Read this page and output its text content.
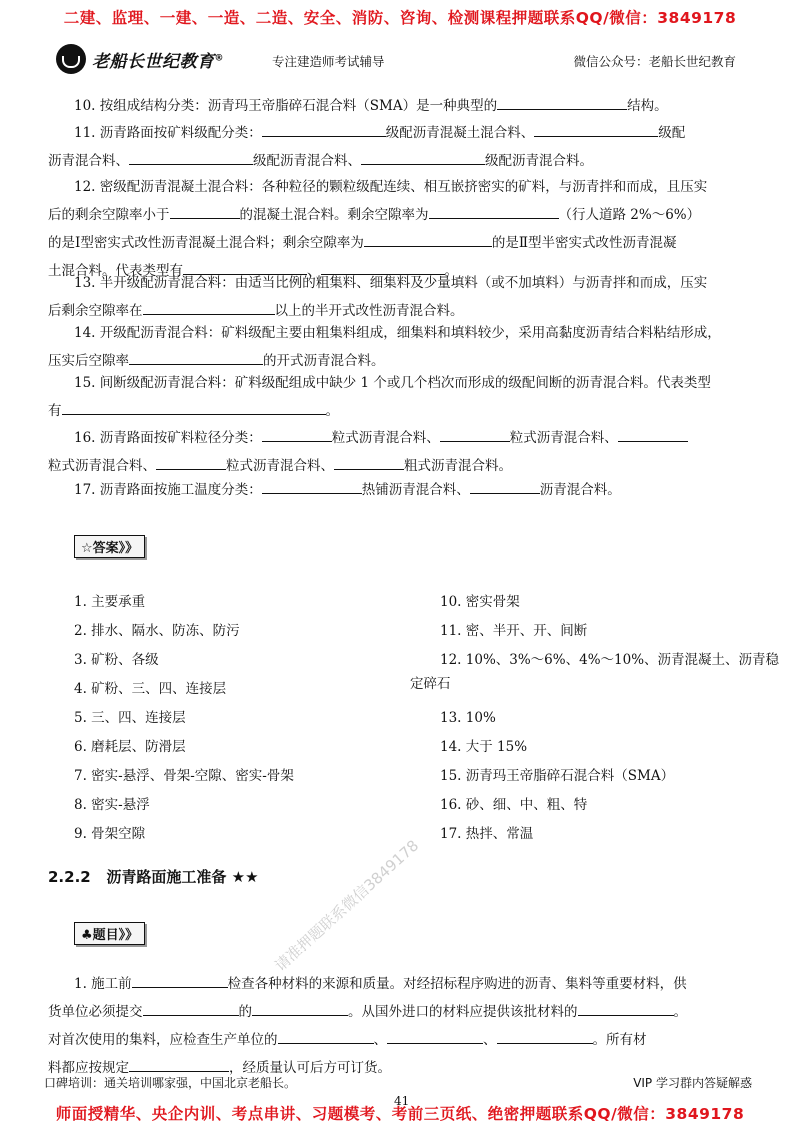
二建、监理、一建、一造、二造、安全、消防、咨询、检测课程押题联系QQ/微信：3849178
老船长世纪教育®	专注建造师考试辅导	微信公众号：老船长世纪教育
10. 按组成结构分类：沥青玛王帝脂碎石混合料（SMA）是一种典型的	结构。
11. 沥青路面按矿料级配分类：	级配沥青混凝土混合料、	级配
沥青混合料、	级配沥青混合料、	级配沥青混合料。
12. 密级配沥青混凝土混合料：各种粒径的颗粒级配连续、相互嵌挤密实的矿料，与沥青拌和而成，且压实
后的剩余空隙率小于	的混凝土混合料。剩余空隙率为	（行人道路 2%～6%）
的是Ⅰ型密实式改性沥青混凝土混合料；剩余空隙率为	的是Ⅱ型半密实式改性沥青混凝
土混合料。代表类型有	、	。
13. 半开级配沥青混合料：由适当比例的粗集料、细集料及少量填料（或不加填料）与沥青拌和而成，压实
后剩余空隙率在	以上的半开式改性沥青混合料。
14. 开级配沥青混合料：矿料级配主要由粗集料组成，细集料和填料较少，采用高黏度沥青结合料粘结形成，
压实后空隙率	的开式沥青混合料。
15. 间断级配沥青混合料：矿料级配组成中缺少 1 个或几个档次而形成的级配间断的沥青混合料。代表类型
有	。
16. 沥青路面按矿料粒径分类：	粒式沥青混合料、	粒式沥青混合料、
粒式沥青混合料、	粒式沥青混合料、	粗式沥青混合料。
17. 沥青路面按施工温度分类：	热铺沥青混合料、	沥青混合料。
☆答案》》
1. 主要承重
2. 排水、隔水、防冻、防污
3. 矿粉、各级
4. 矿粉、三、四、连接层
5. 三、四、连接层
6. 磨耗层、防滑层
7. 密实-悬浮、骨架-空隙、密实-骨架
8. 密实-悬浮
9. 骨架空隙
10. 密实骨架
11. 密、半开、开、间断
12. 10%、3%～6%、4%～10%、沥青混凝土、沥青稳
定碎石
13. 10%
14. 大于 15%
15. 沥青玛王帝脂碎石混合料（SMA）
16. 砂、细、中、粗、特
17. 热拌、常温
2.2.2 沥青路面施工准备 ★★
♣题目》》
1. 施工前	检查各种材料的来源和质量。对经招标程序购进的沥青、集料等重要材料，供
货单位必须提交	的	。从国外进口的材料应提供该批材料的	。
对首次使用的集料，应检查生产单位的	、	、	。所有材
料都应按规定	，经质量认可后方可订货。
请准押题联系微信3849178
口碑培训：通关培训哪家强，中国北京老船长。	VIP 学习群内答疑解惑
41
师面授精华、央企内训、考点串讲、习题模考、考前三页纸、绝密押题联系QQ/微信：3849178
